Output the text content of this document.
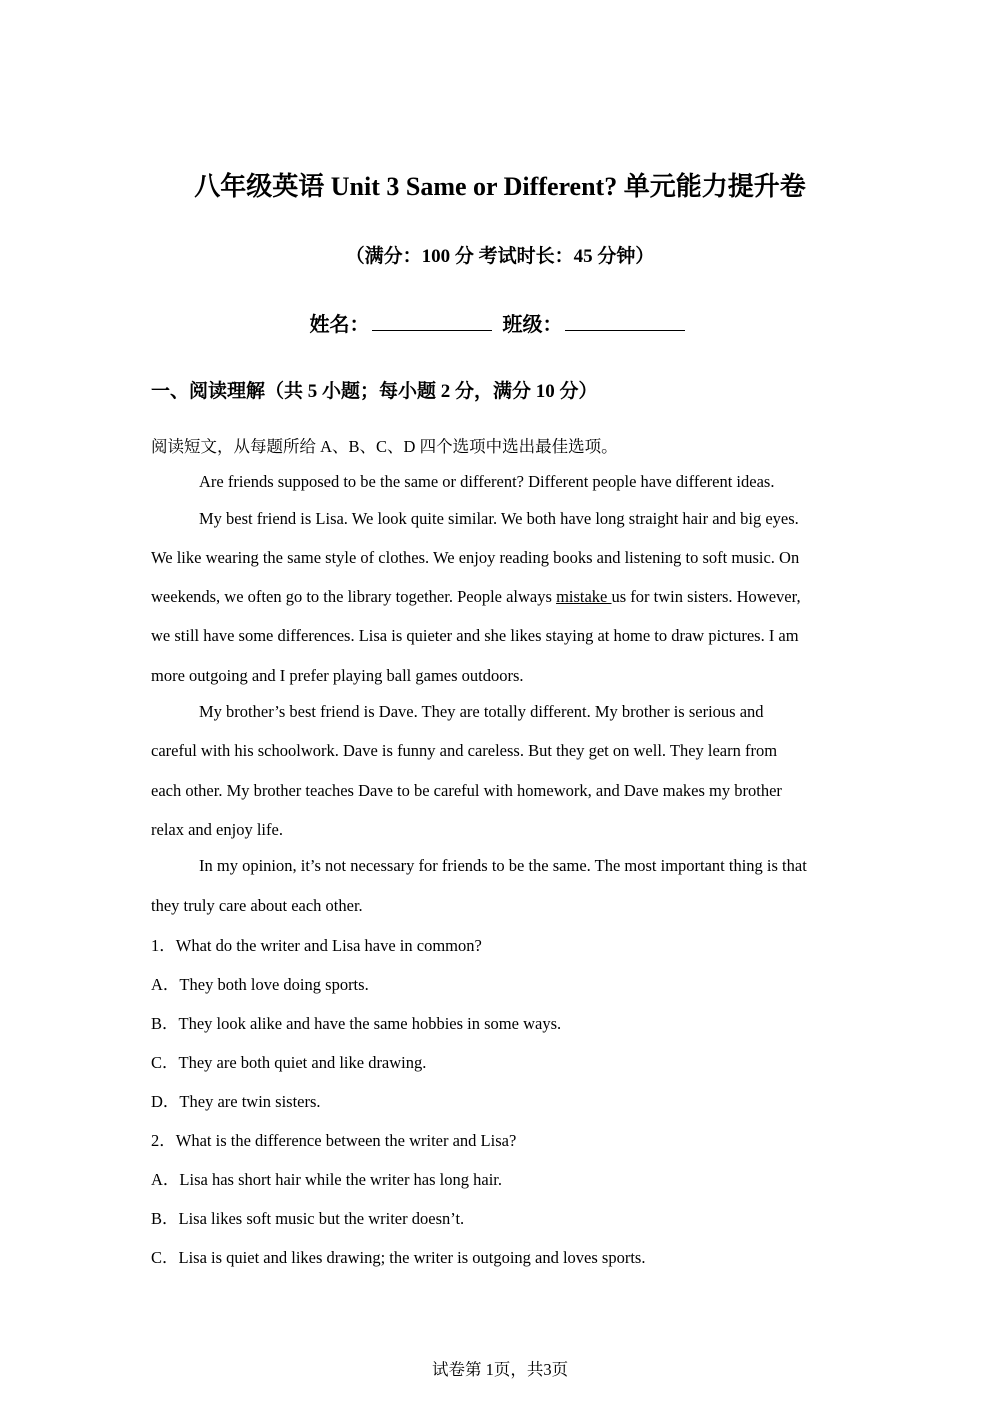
八年级英语 Unit 3 Same or Different? 单元能力提升卷
（满分：100 分 考试时长：45 分钟）
姓名：	班级：
一、阅读理解（共 5 小题；每小题 2 分，满分 10 分）
阅读短文，从每题所给 A、B、C、D 四个选项中选出最佳选项。
Are friends supposed to be the same or different? Different people have different ideas.
My best friend is Lisa. We look quite similar. We both have long straight hair and big eyes.
We like wearing the same style of clothes. We enjoy reading books and listening to soft music. On
weekends, we often go to the library together. People always mistake us for twin sisters. However,
we still have some differences. Lisa is quieter and she likes staying at home to draw pictures. I am
more outgoing and I prefer playing ball games outdoors.
My brother’s best friend is Dave. They are totally different. My brother is serious and
careful with his schoolwork. Dave is funny and careless. But they get on well. They learn from
each other. My brother teaches Dave to be careful with homework, and Dave makes my brother
relax and enjoy life.
In my opinion, it’s not necessary for friends to be the same. The most important thing is that
they truly care about each other.
1．What do the writer and Lisa have in common?
A．They both love doing sports.
B．They look alike and have the same hobbies in some ways.
C．They are both quiet and like drawing.
D．They are twin sisters.
2．What is the difference between the writer and Lisa?
A．Lisa has short hair while the writer has long hair.
B．Lisa likes soft music but the writer doesn’t.
C．Lisa is quiet and likes drawing; the writer is outgoing and loves sports.
试卷第 1页，共3页
